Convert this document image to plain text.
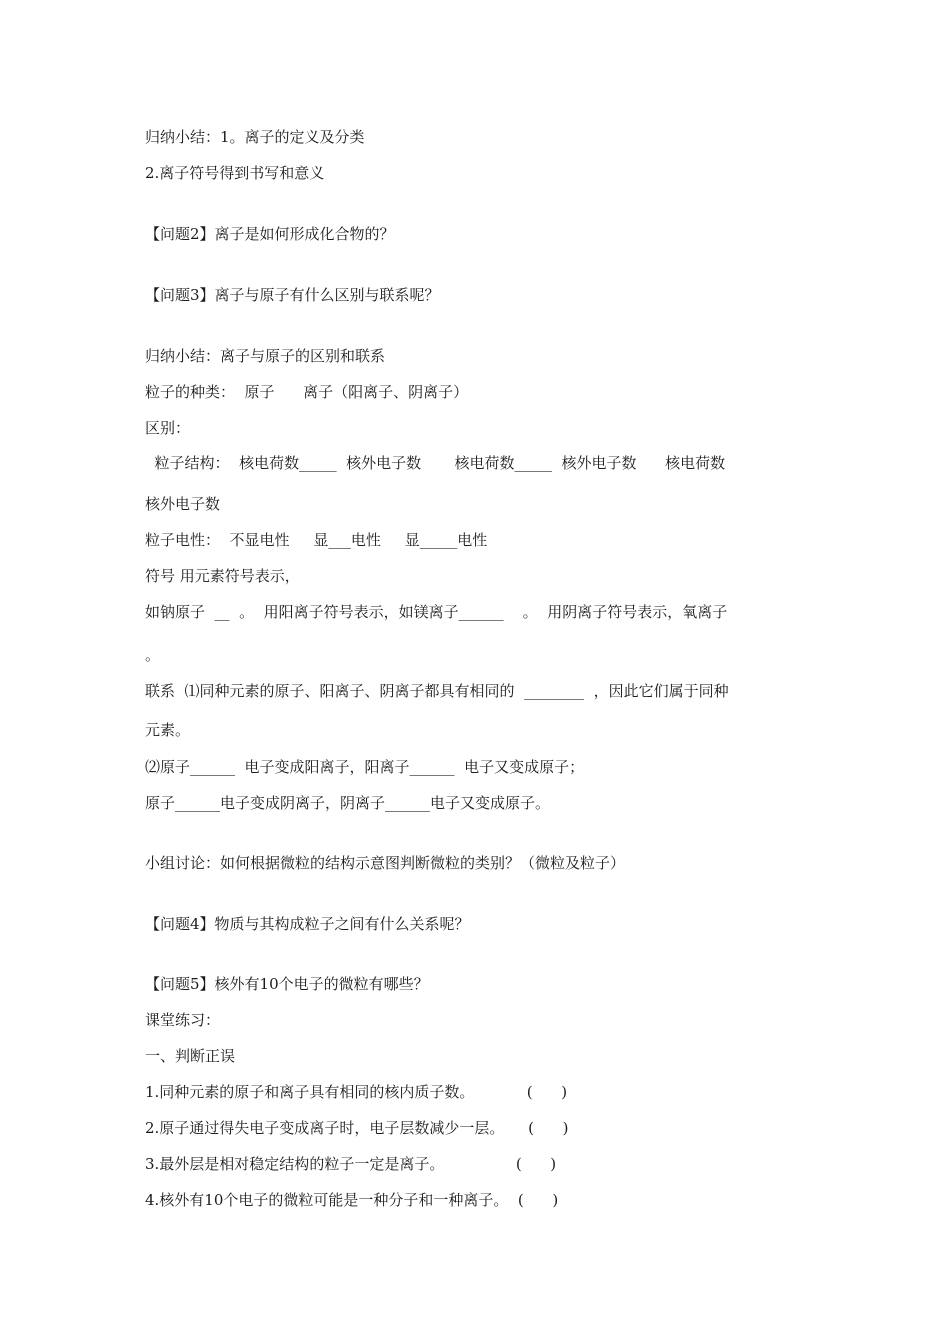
归纳小结：1。离子的定义及分类
2.离子符号得到书写和意义
【问题2】离子是如何形成化合物的？
【问题3】离子与原子有什么区别与联系呢？
归纳小结：离子与原子的区别和联系
粒子的种类：  原子      离子（阳离子、阴离子）
区别：
粒子结构：  核电荷数_____  核外电子数       核电荷数_____  核外电子数      核电荷数
核外电子数
粒子电性：  不显电性     显___电性     显_____电性
符号 用元素符号表示，
如钠原子  __  。  用阳离子符号表示，如镁离子______    。  用阴离子符号表示，氧离子
。
联系  ⑴同种元素的原子、阳离子、阴离子都具有相同的  ________  ，因此它们属于同种
元素。
⑵原子______  电子变成阳离子，阳离子______  电子又变成原子；
原子______电子变成阴离子，阴离子______电子又变成原子。
小组讨论：如何根据微粒的结构示意图判断微粒的类别？（微粒及粒子）
【问题4】物质与其构成粒子之间有什么关系呢？
【问题5】核外有10个电子的微粒有哪些？
课堂练习：
一、判断正误
1.同种元素的原子和离子具有相同的核内质子数。           (      )
2.原子通过得失电子变成离子时，电子层数减少一层。     (      )
3.最外层是相对稳定结构的粒子一定是离子。               (      )
4.核外有10个电子的微粒可能是一种分子和一种离子。  (      )
